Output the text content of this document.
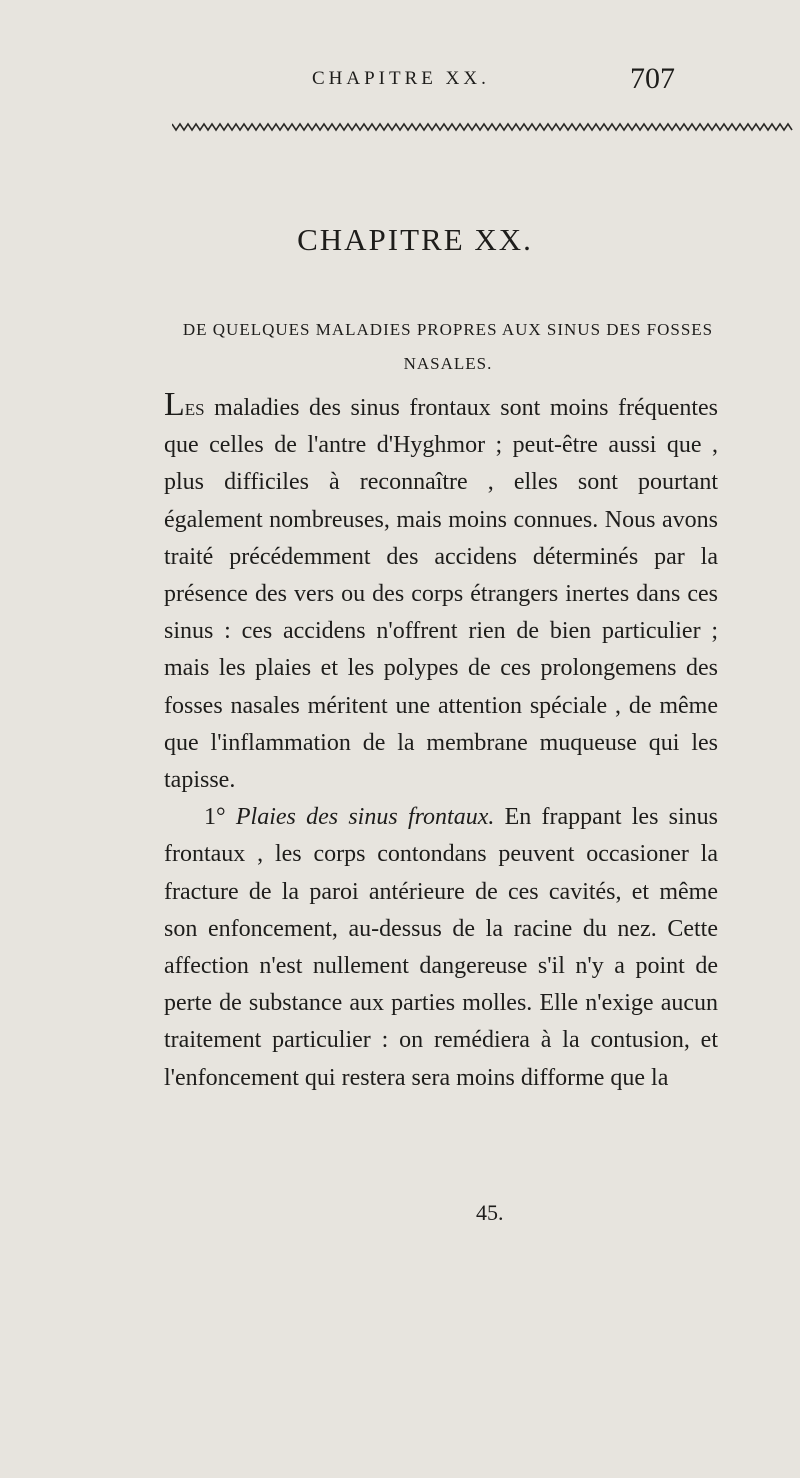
CHAPITRE XX.	707
CHAPITRE XX.
DE QUELQUES MALADIES PROPRES AUX SINUS DES FOSSES NASALES.

Les maladies des sinus frontaux sont moins fréquentes que celles de l'antre d'Hyghmor ; peut-être aussi que , plus difficiles à reconnaître , elles sont pourtant également nombreuses, mais moins connues. Nous avons traité précédemment des accidens déterminés par la présence des vers ou des corps étrangers inertes dans ces sinus : ces accidens n'offrent rien de bien particulier ; mais les plaies et les polypes de ces prolongemens des fosses nasales méritent une attention spéciale , de même que l'inflammation de la membrane muqueuse qui les tapisse.

1° Plaies des sinus frontaux. En frappant les sinus frontaux , les corps contondans peuvent occasioner la fracture de la paroi antérieure de ces cavités, et même son enfoncement, au-dessus de la racine du nez. Cette affection n'est nullement dangereuse s'il n'y a point de perte de substance aux parties molles. Elle n'exige aucun traitement particulier : on remédiera à la contusion, et l'enfoncement qui restera sera moins difforme que la

45.
